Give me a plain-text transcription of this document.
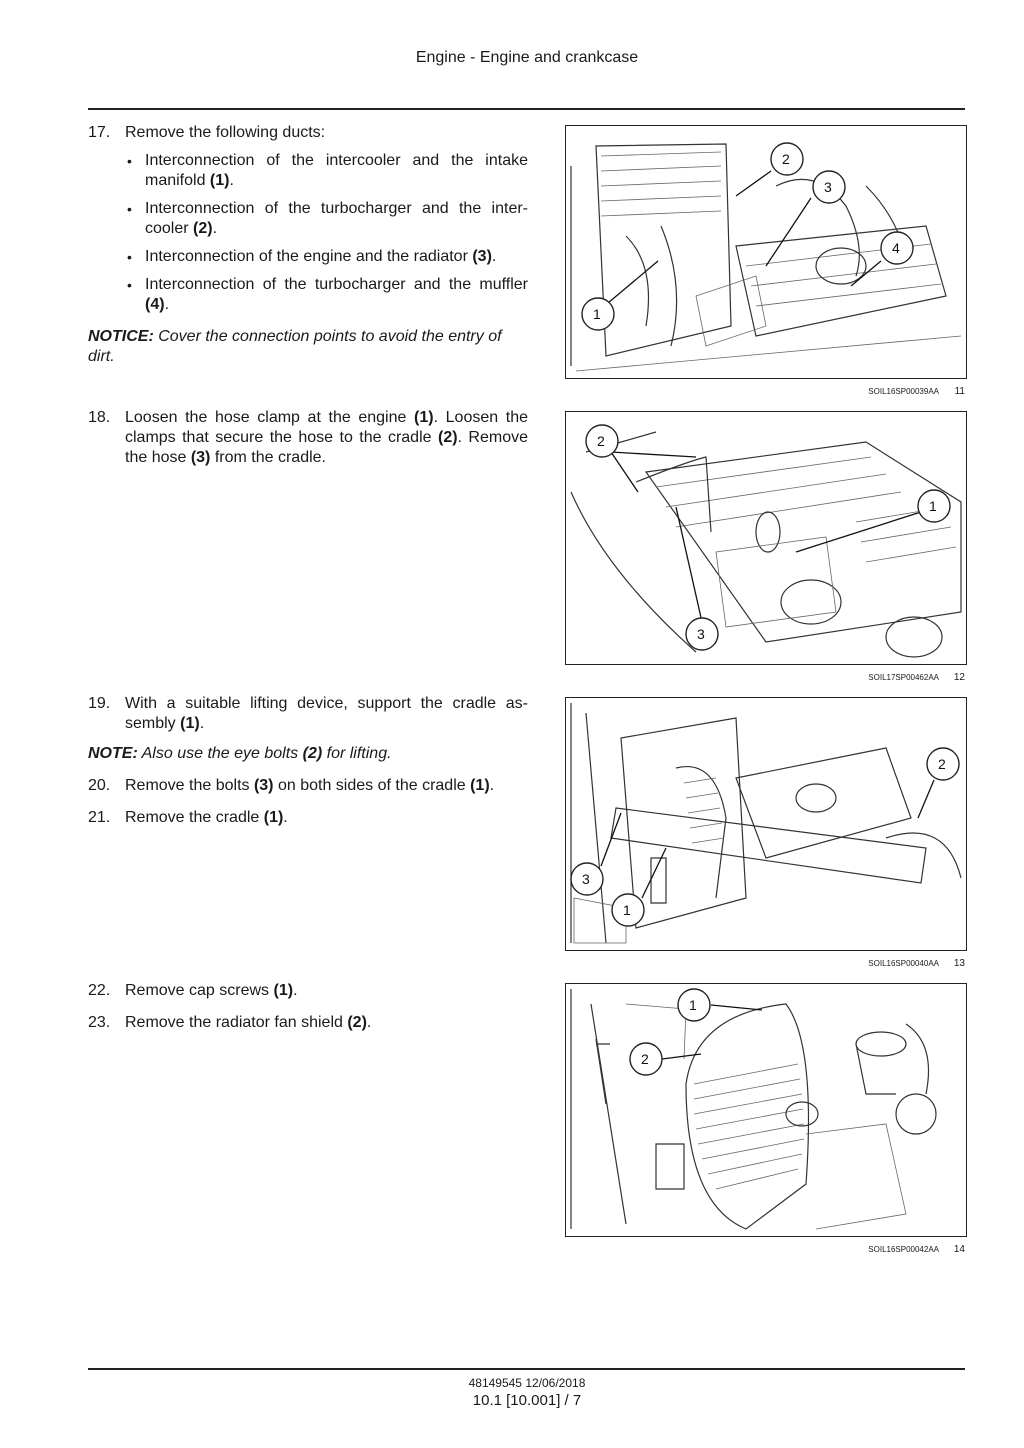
Engine - Engine and crankcase
17. Remove the following ducts:
• Interconnection of the intercooler and the intake manifold (1).
• Interconnection of the turbocharger and the inter-cooler (2).
• Interconnection of the engine and the radiator (3).
• Interconnection of the turbocharger and the muffler (4).
NOTICE: Cover the connection points to avoid the entry of dirt.
18. Loosen the hose clamp at the engine (1). Loosen the clamps that secure the hose to the cradle (2). Remove the hose (3) from the cradle.
19. With a suitable lifting device, support the cradle as-sembly (1).
NOTE: Also use the eye bolts (2) for lifting.
20. Remove the bolts (3) on both sides of the cradle (1).
21. Remove the cradle (1).
22. Remove cap screws (1).
23. Remove the radiator fan shield (2).
1
2
3
4
SOIL16SP00039AA 11
1
2
3
SOIL17SP00462AA 12
1
2
3
SOIL16SP00040AA 13
1
2
SOIL16SP00042AA 14
48149545 12/06/2018
10.1 [10.001] / 7
